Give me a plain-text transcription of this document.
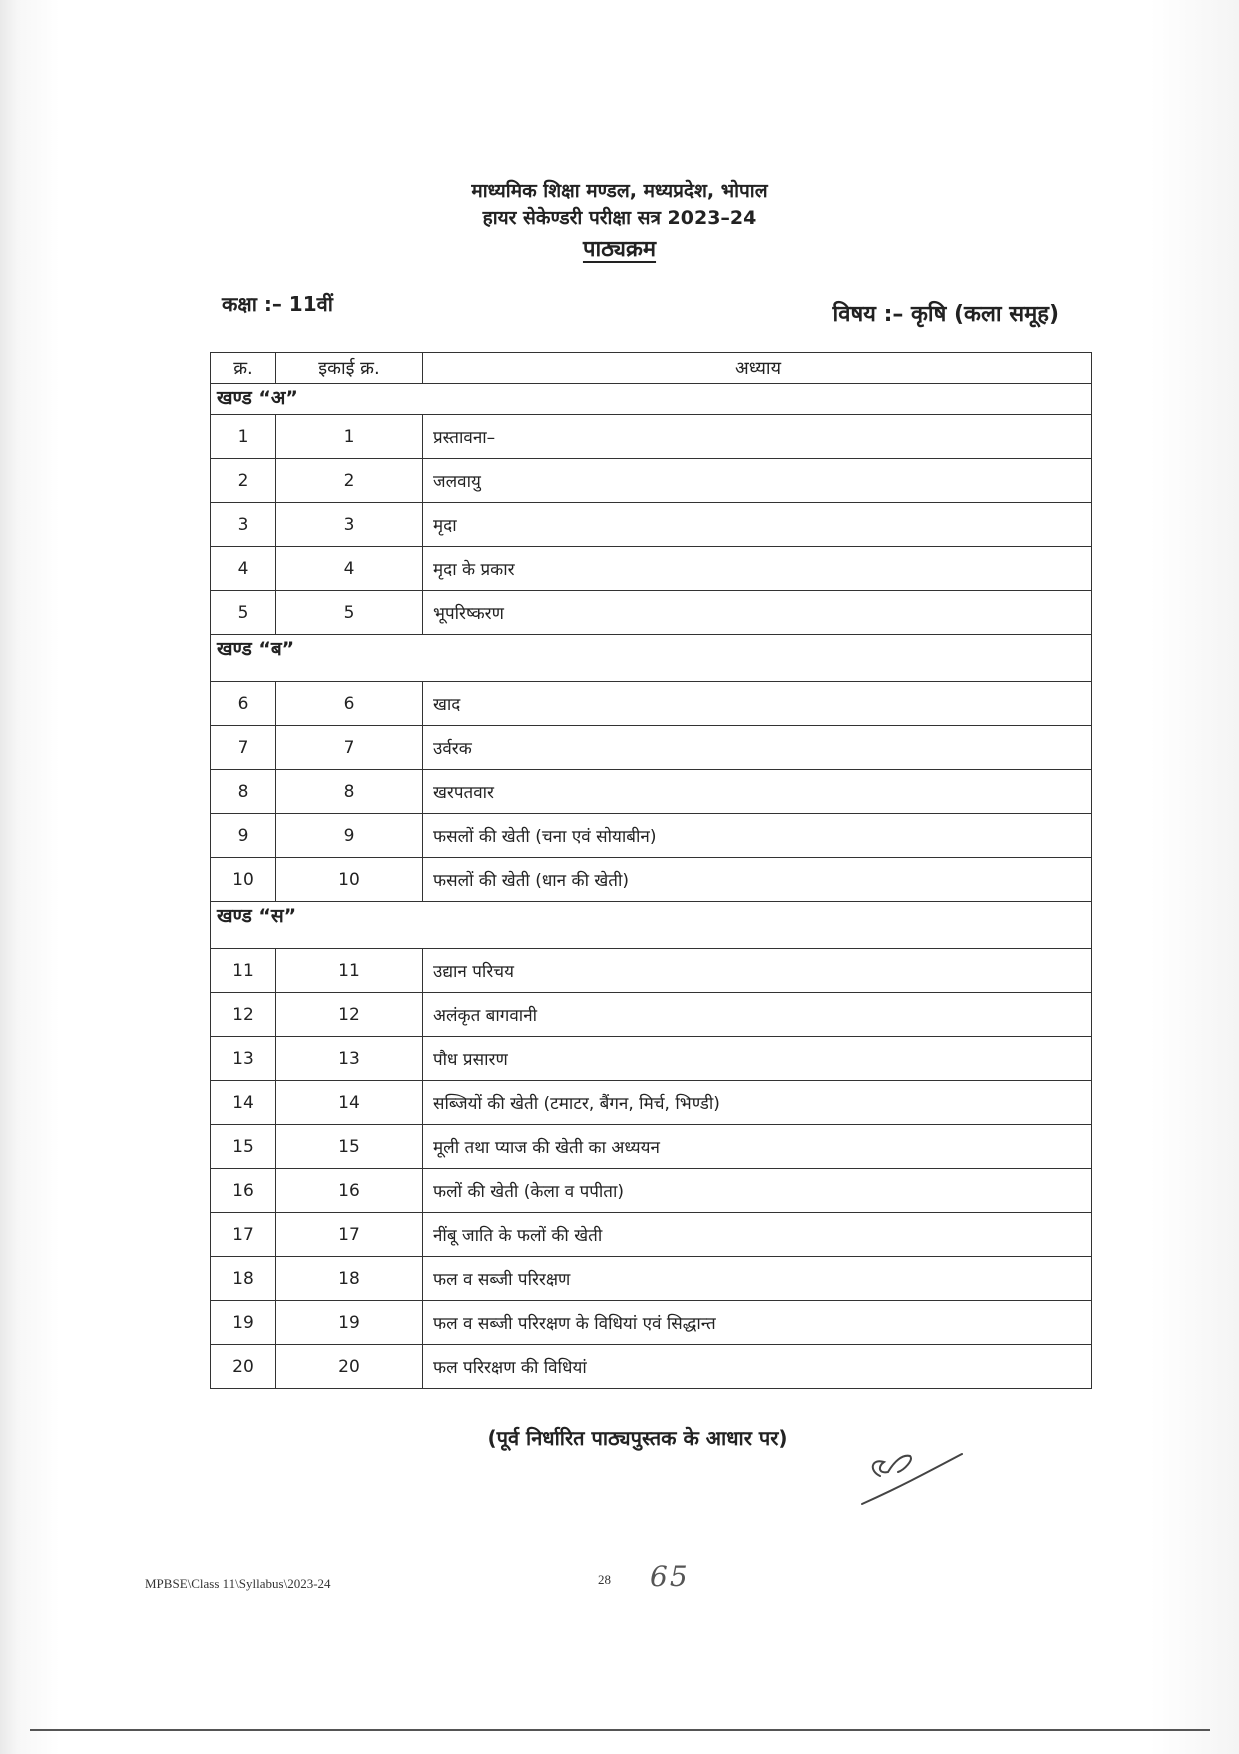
माध्यमिक शिक्षा मण्डल, मध्यप्रदेश, भोपाल
हायर सेकेण्डरी परीक्षा सत्र 2023–24
पाठ्यक्रम
कक्षा :– 11वीं	विषय :– कृषि (कला समूह)
क्र.	इकाई क्र.	अध्याय
खण्ड “अ”		
1	1	प्रस्तावना–
2	2	जलवायु
3	3	मृदा
4	4	मृदा के प्रकार
5	5	भूपरिष्करण
खण्ड “ब”		
6	6	खाद
7	7	उर्वरक
8	8	खरपतवार
9	9	फसलों की खेती (चना एवं सोयाबीन)
10	10	फसलों की खेती (धान की खेती)
खण्ड “स”		
11	11	उद्यान परिचय
12	12	अलंकृत बागवानी
13	13	पौध प्रसारण
14	14	सब्जियों की खेती (टमाटर, बैंगन, मिर्च, भिण्डी)
15	15	मूली तथा प्याज की खेती का अध्ययन
16	16	फलों की खेती (केला व पपीता)
17	17	नींबू जाति के फलों की खेती
18	18	फल व सब्जी परिरक्षण
19	19	फल व सब्जी परिरक्षण के विधियां एवं सिद्धान्त
20	20	फल परिरक्षण की विधियां
(पूर्व निर्धारित पाठ्यपुस्तक के आधार पर)
MPBSE\Class 11\Syllabus\2023-24	28 65
